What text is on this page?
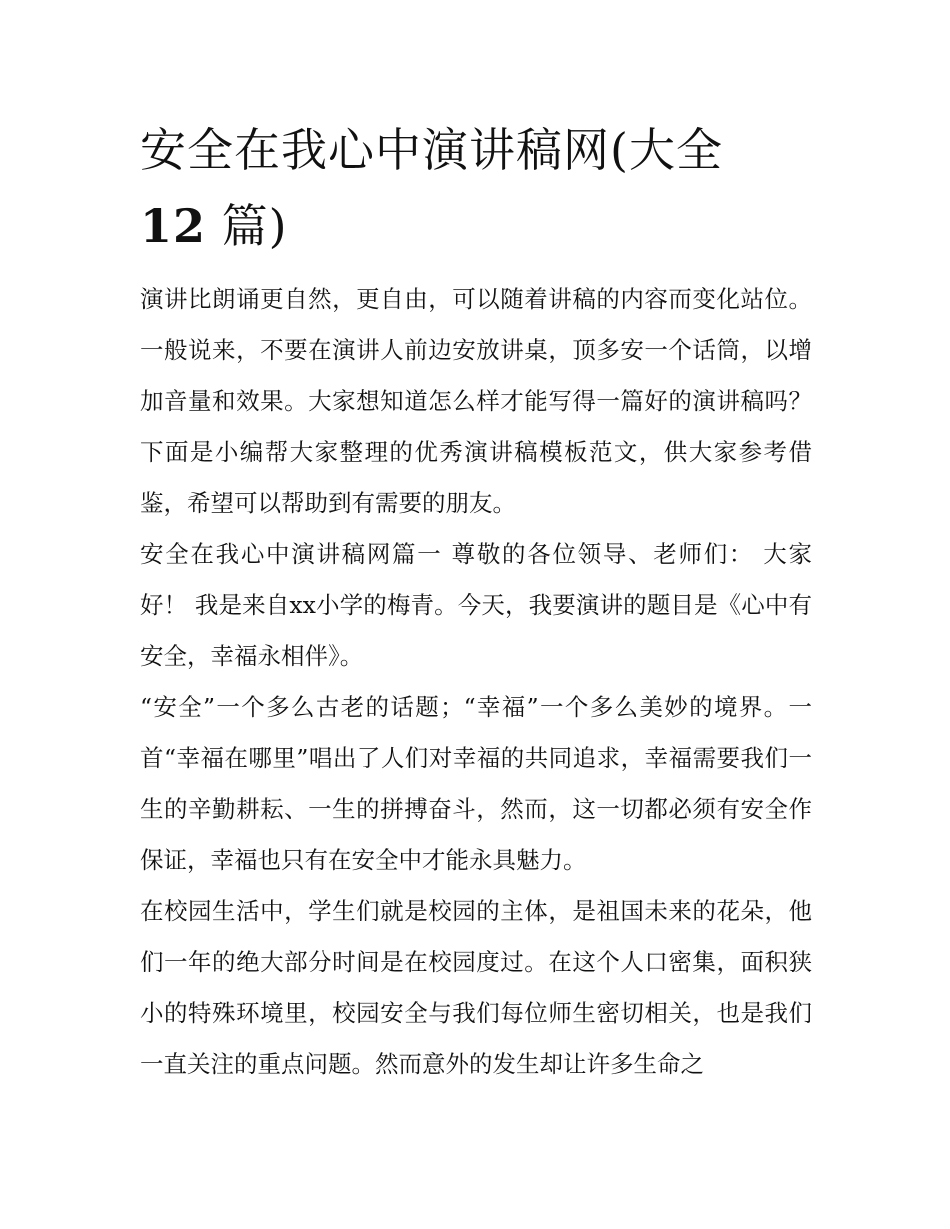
安全在我心中演讲稿网(大全
12 篇)

演讲比朗诵更自然，更自由，可以随着讲稿的内容而变化站位。一般说来，不要在演讲人前边安放讲桌，顶多安一个话筒，以增加音量和效果。大家想知道怎么样才能写得一篇好的演讲稿吗？下面是小编帮大家整理的优秀演讲稿模板范文，供大家参考借鉴，希望可以帮助到有需要的朋友。

安全在我心中演讲稿网篇一 尊敬的各位领导、老师们： 大家好！ 我是来自xx小学的梅青。今天，我要演讲的题目是《心中有安全，幸福永相伴》。

“安全”一个多么古老的话题；“幸福”一个多么美妙的境界。一首“幸福在哪里”唱出了人们对幸福的共同追求，幸福需要我们一生的辛勤耕耘、一生的拼搏奋斗，然而，这一切都必须有安全作保证，幸福也只有在安全中才能永具魅力。

在校园生活中，学生们就是校园的主体，是祖国未来的花朵，他们一年的绝大部分时间是在校园度过。在这个人口密集，面积狭小的特殊环境里，校园安全与我们每位师生密切相关，也是我们一直关注的重点问题。然而意外的发生却让许多生命之
